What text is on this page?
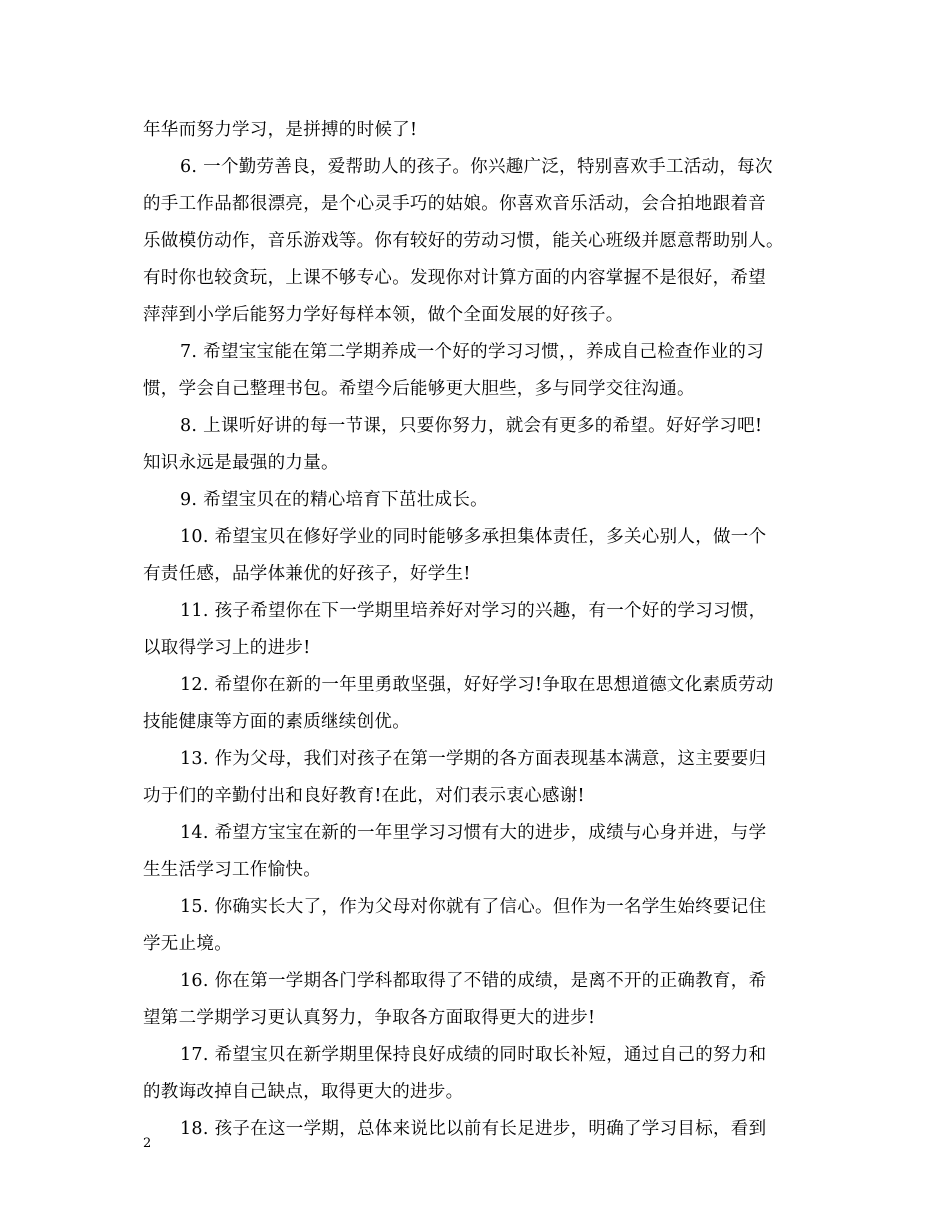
年华而努力学习，是拼搏的时候了!
6. 一个勤劳善良，爱帮助人的孩子。你兴趣广泛，特别喜欢手工活动，每次
的手工作品都很漂亮，是个心灵手巧的姑娘。你喜欢音乐活动，会合拍地跟着音
乐做模仿动作，音乐游戏等。你有较好的劳动习惯，能关心班级并愿意帮助别人。
有时你也较贪玩，上课不够专心。发现你对计算方面的内容掌握不是很好，希望
萍萍到小学后能努力学好每样本领，做个全面发展的好孩子。
7. 希望宝宝能在第二学期养成一个好的学习习惯，，养成自己检查作业的习
惯，学会自己整理书包。希望今后能够更大胆些，多与同学交往沟通。
8. 上课听好讲的每一节课，只要你努力，就会有更多的希望。好好学习吧!
知识永远是最强的力量。
9. 希望宝贝在的精心培育下茁壮成长。
10. 希望宝贝在修好学业的同时能够多承担集体责任，多关心别人，做一个
有责任感，品学体兼优的好孩子，好学生!
11. 孩子希望你在下一学期里培养好对学习的兴趣，有一个好的学习习惯，
以取得学习上的进步!
12. 希望你在新的一年里勇敢坚强，好好学习!争取在思想道德文化素质劳动
技能健康等方面的素质继续创优。
13. 作为父母，我们对孩子在第一学期的各方面表现基本满意，这主要要归
功于们的辛勤付出和良好教育!在此，对们表示衷心感谢!
14. 希望方宝宝在新的一年里学习习惯有大的进步，成绩与心身并进，与学
生生活学习工作愉快。
15. 你确实长大了，作为父母对你就有了信心。但作为一名学生始终要记住
学无止境。
16. 你在第一学期各门学科都取得了不错的成绩，是离不开的正确教育，希
望第二学期学习更认真努力，争取各方面取得更大的进步!
17. 希望宝贝在新学期里保持良好成绩的同时取长补短，通过自己的努力和
的教诲改掉自己缺点，取得更大的进步。
18. 孩子在这一学期，总体来说比以前有长足进步，明确了学习目标，看到
2
